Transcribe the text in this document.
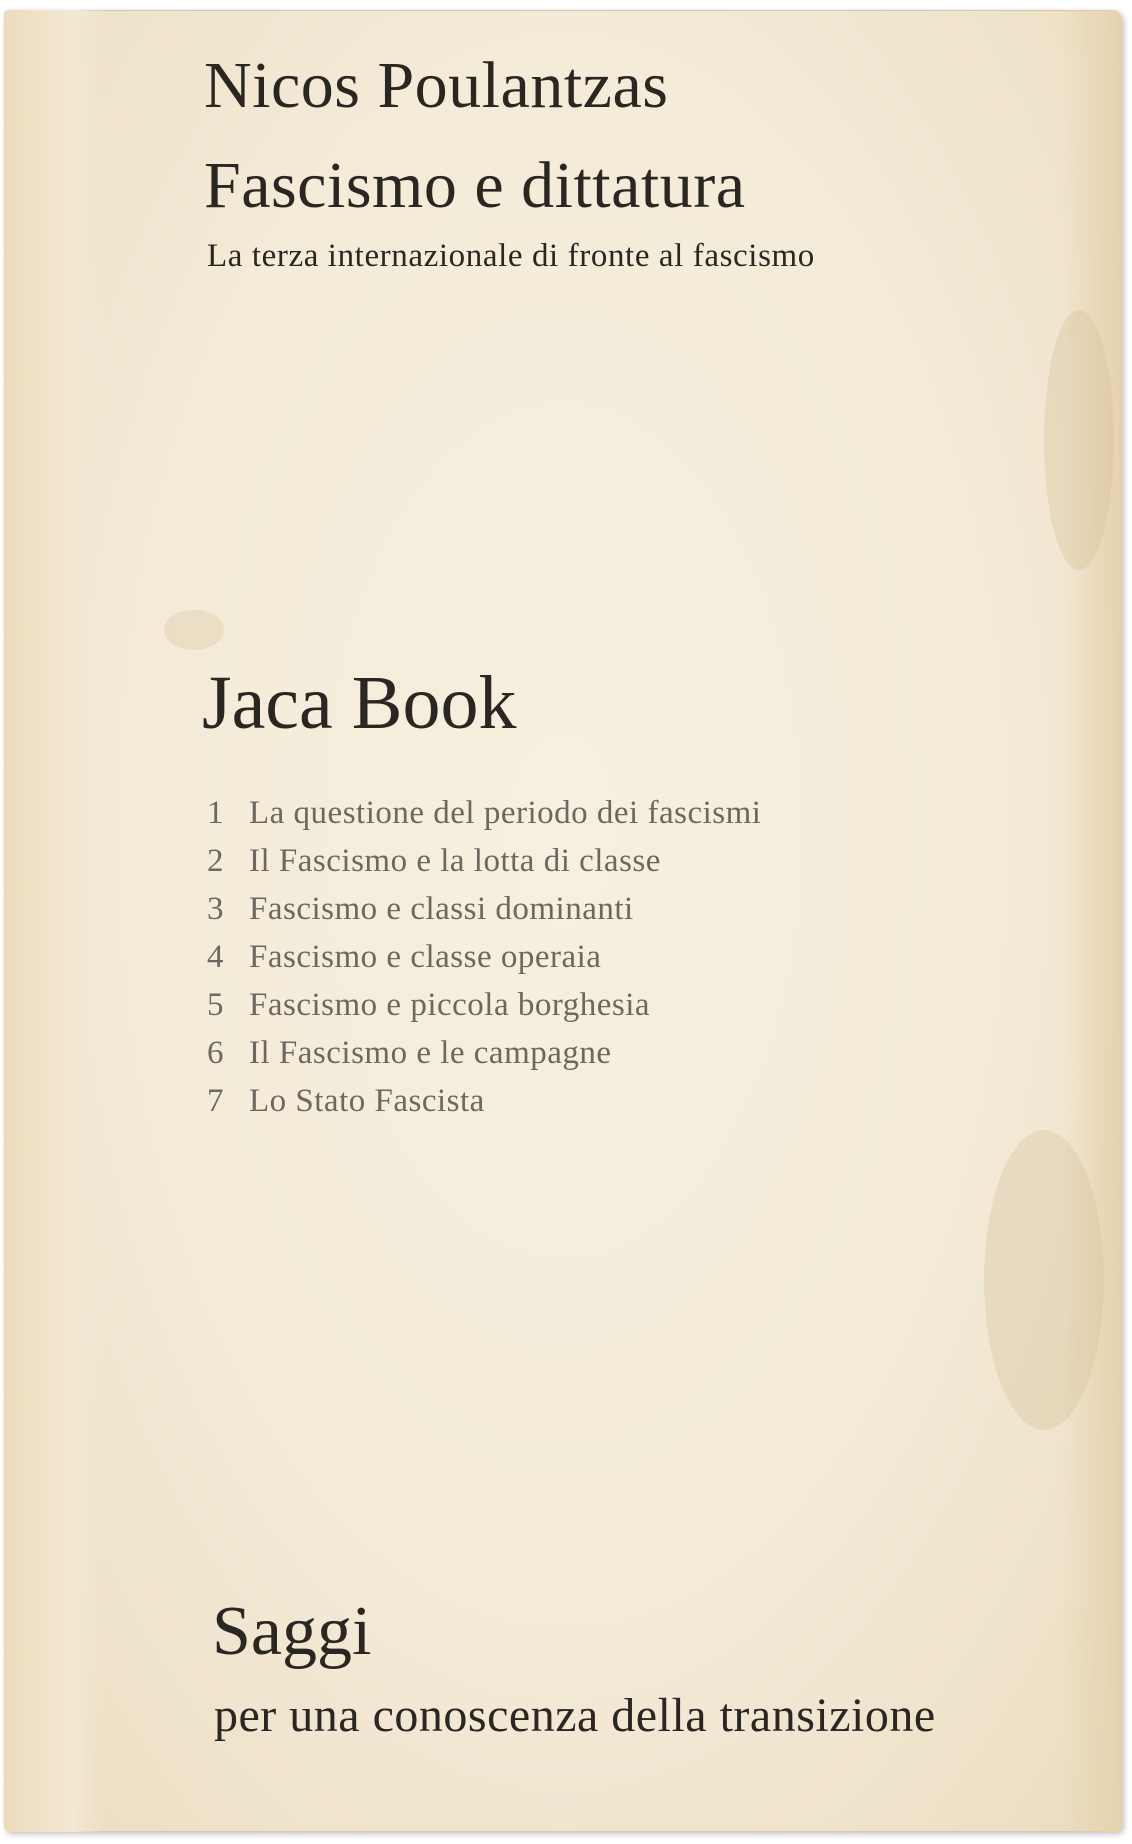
Nicos Poulantzas
Fascismo e dittatura
La terza internazionale di fronte al fascismo
Jaca Book
1 La questione del periodo dei fascismi
2 Il Fascismo e la lotta di classe
3 Fascismo e classi dominanti
4 Fascismo e classe operaia
5 Fascismo e piccola borghesia
6 Il Fascismo e le campagne
7 Lo Stato Fascista
Saggi
per una conoscenza della transizione
